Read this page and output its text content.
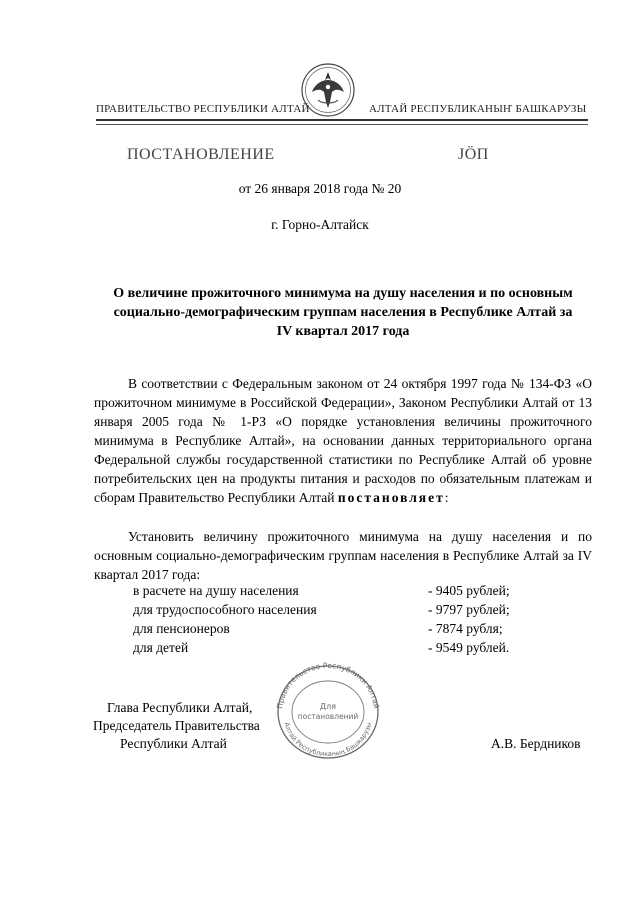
ПРАВИТЕЛЬСТВО РЕСПУБЛИКИ АЛТАЙ	АЛТАЙ РЕСПУБЛИКАНЫҤ БАШКАРУЗЫ
ПОСТАНОВЛЕНИЕ	ЈӦП
от 26 января 2018 года № 20
г. Горно-Алтайск
О величине прожиточного минимума на душу населения и по основным
социально-демографическим группам населения в Республике Алтай за
IV квартал 2017 года
В соответствии с Федеральным законом от 24 октября 1997 года № 134-ФЗ «О прожиточном минимуме в Российской Федерации», Законом Республики Алтай от 13 января 2005 года № 1-РЗ «О порядке установления величины прожиточного минимума в Республике Алтай», на основании данных территориального органа Федеральной службы государственной статистики по Республике Алтай об уровне потребительских цен на продукты питания и расходов по обязательным платежам и сборам Правительство Республики Алтай постановляет:
Установить величину прожиточного минимума на душу населения и по основным социально-демографическим группам населения в Республике Алтай за IV квартал 2017 года:
в расчете на душу населения	- 9405 рублей;
для трудоспособного населения	- 9797 рублей;
для пенсионеров	- 7874 рубля;
для детей	- 9549 рублей.
Правительство Республики Алтай
Алтай Республиканың Башкарузы
Для
постановлений
Глава Республики Алтай,
Председатель Правительства
Республики Алтай	А.В. Бердников
